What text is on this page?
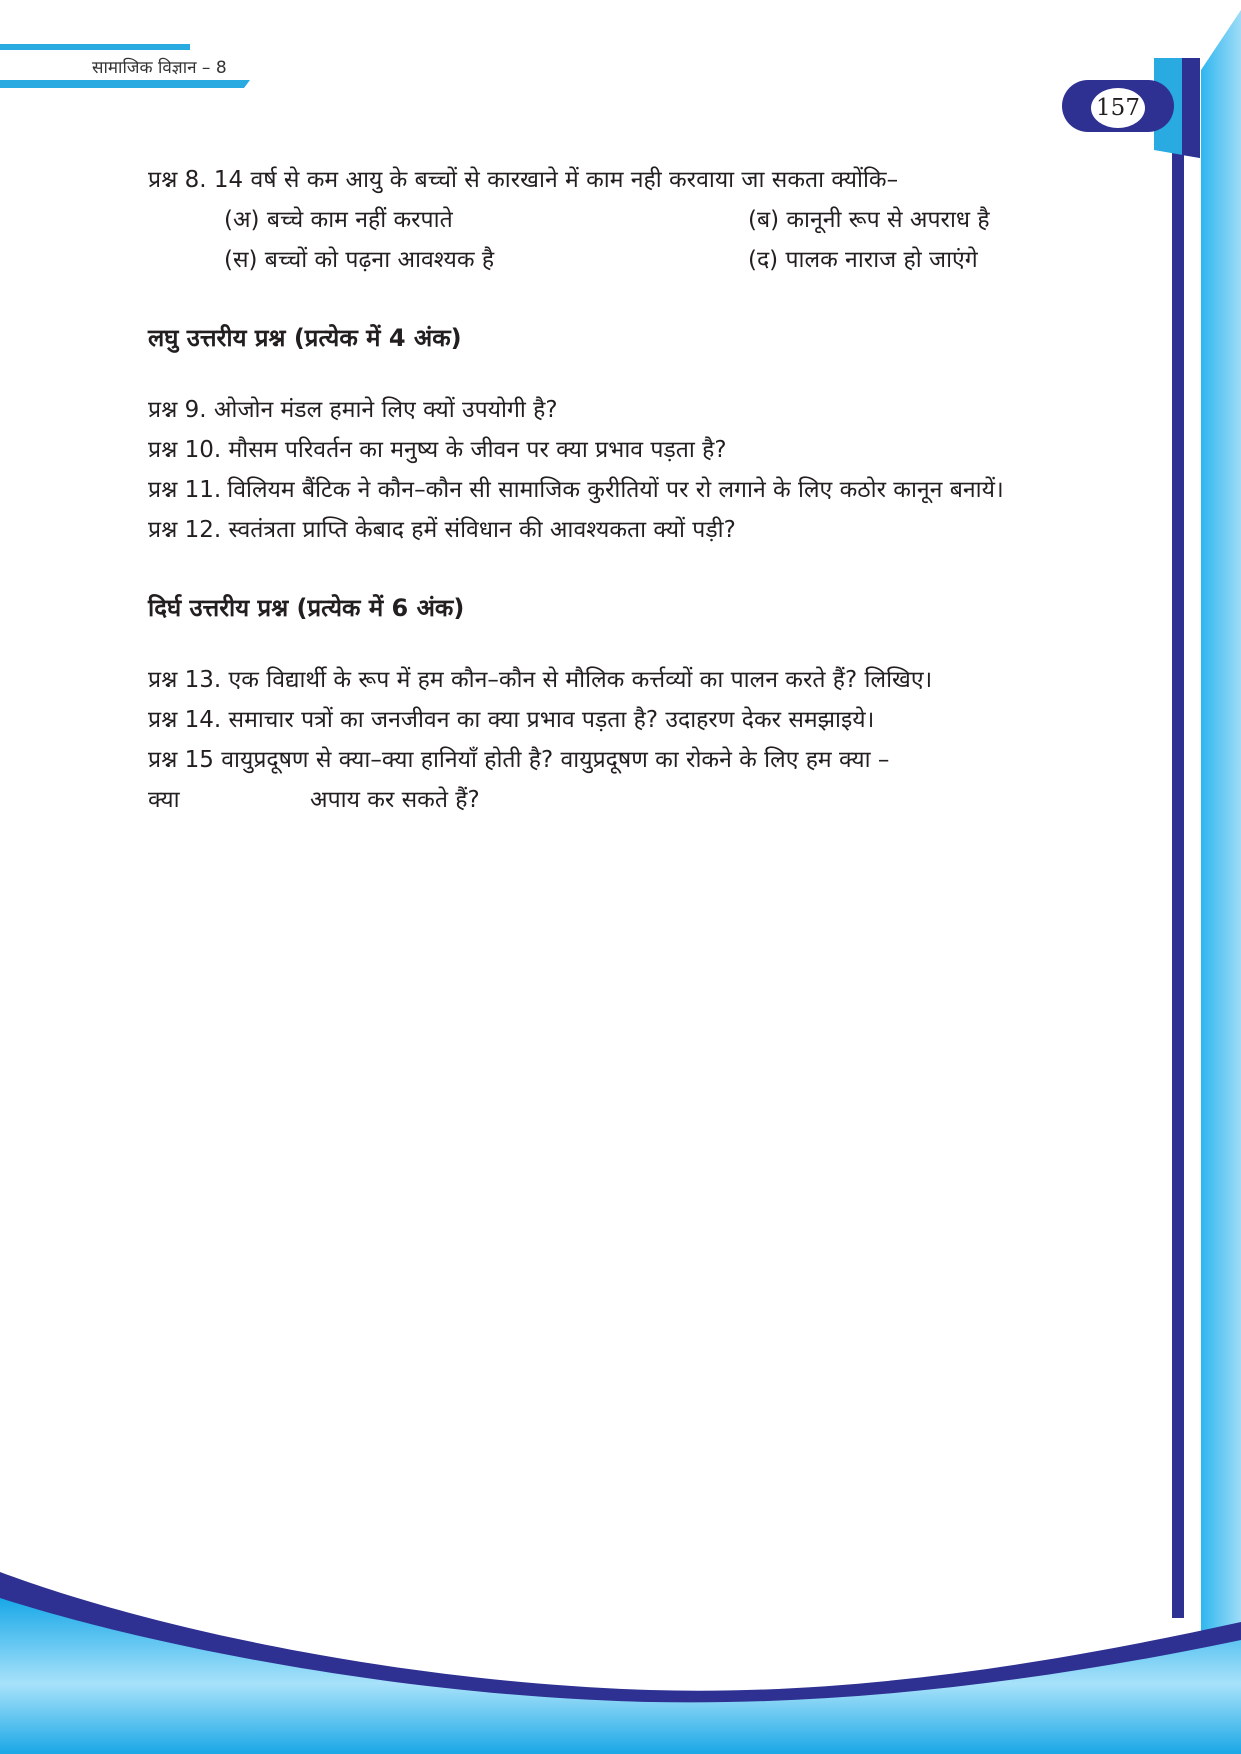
सामाजिक विज्ञान – 8
157
प्रश्न 8. 14 वर्ष से कम आयु के बच्चों से कारखाने में काम नही करवाया जा सकता क्योंकि–
(अ) बच्चे काम नहीं करपाते	(ब) कानूनी रूप से अपराध है
(स) बच्चों को पढ़ना आवश्यक है	(द) पालक नाराज हो जाएंगे
लघु उत्तरीय प्रश्न (प्रत्येक में 4 अंक)
प्रश्न 9. ओजोन मंडल हमाने लिए क्यों उपयोगी है?
प्रश्न 10. मौसम परिवर्तन का मनुष्य के जीवन पर क्या प्रभाव पड़ता है?
प्रश्न 11. विलियम बैंटिक ने कौन–कौन सी सामाजिक कुरीतियों पर रो लगाने के लिए कठोर कानून बनायें।
प्रश्न 12. स्वतंत्रता प्राप्ति केबाद हमें संविधान की आवश्यकता क्यों पड़ी?
दिर्घ उत्तरीय प्रश्न (प्रत्येक में 6 अंक)
प्रश्न 13. एक विद्यार्थी के रूप में हम कौन–कौन से मौलिक कर्त्तव्यों का पालन करते हैं? लिखिए।
प्रश्न 14. समाचार पत्रों का जनजीवन का क्या प्रभाव पड़ता है? उदाहरण देकर समझाइये।
प्रश्न 15 वायुप्रदूषण से क्या–क्या हानियाँ होती है? वायुप्रदूषण का रोकने के लिए हम क्या –
क्या	अपाय कर सकते हैं?
